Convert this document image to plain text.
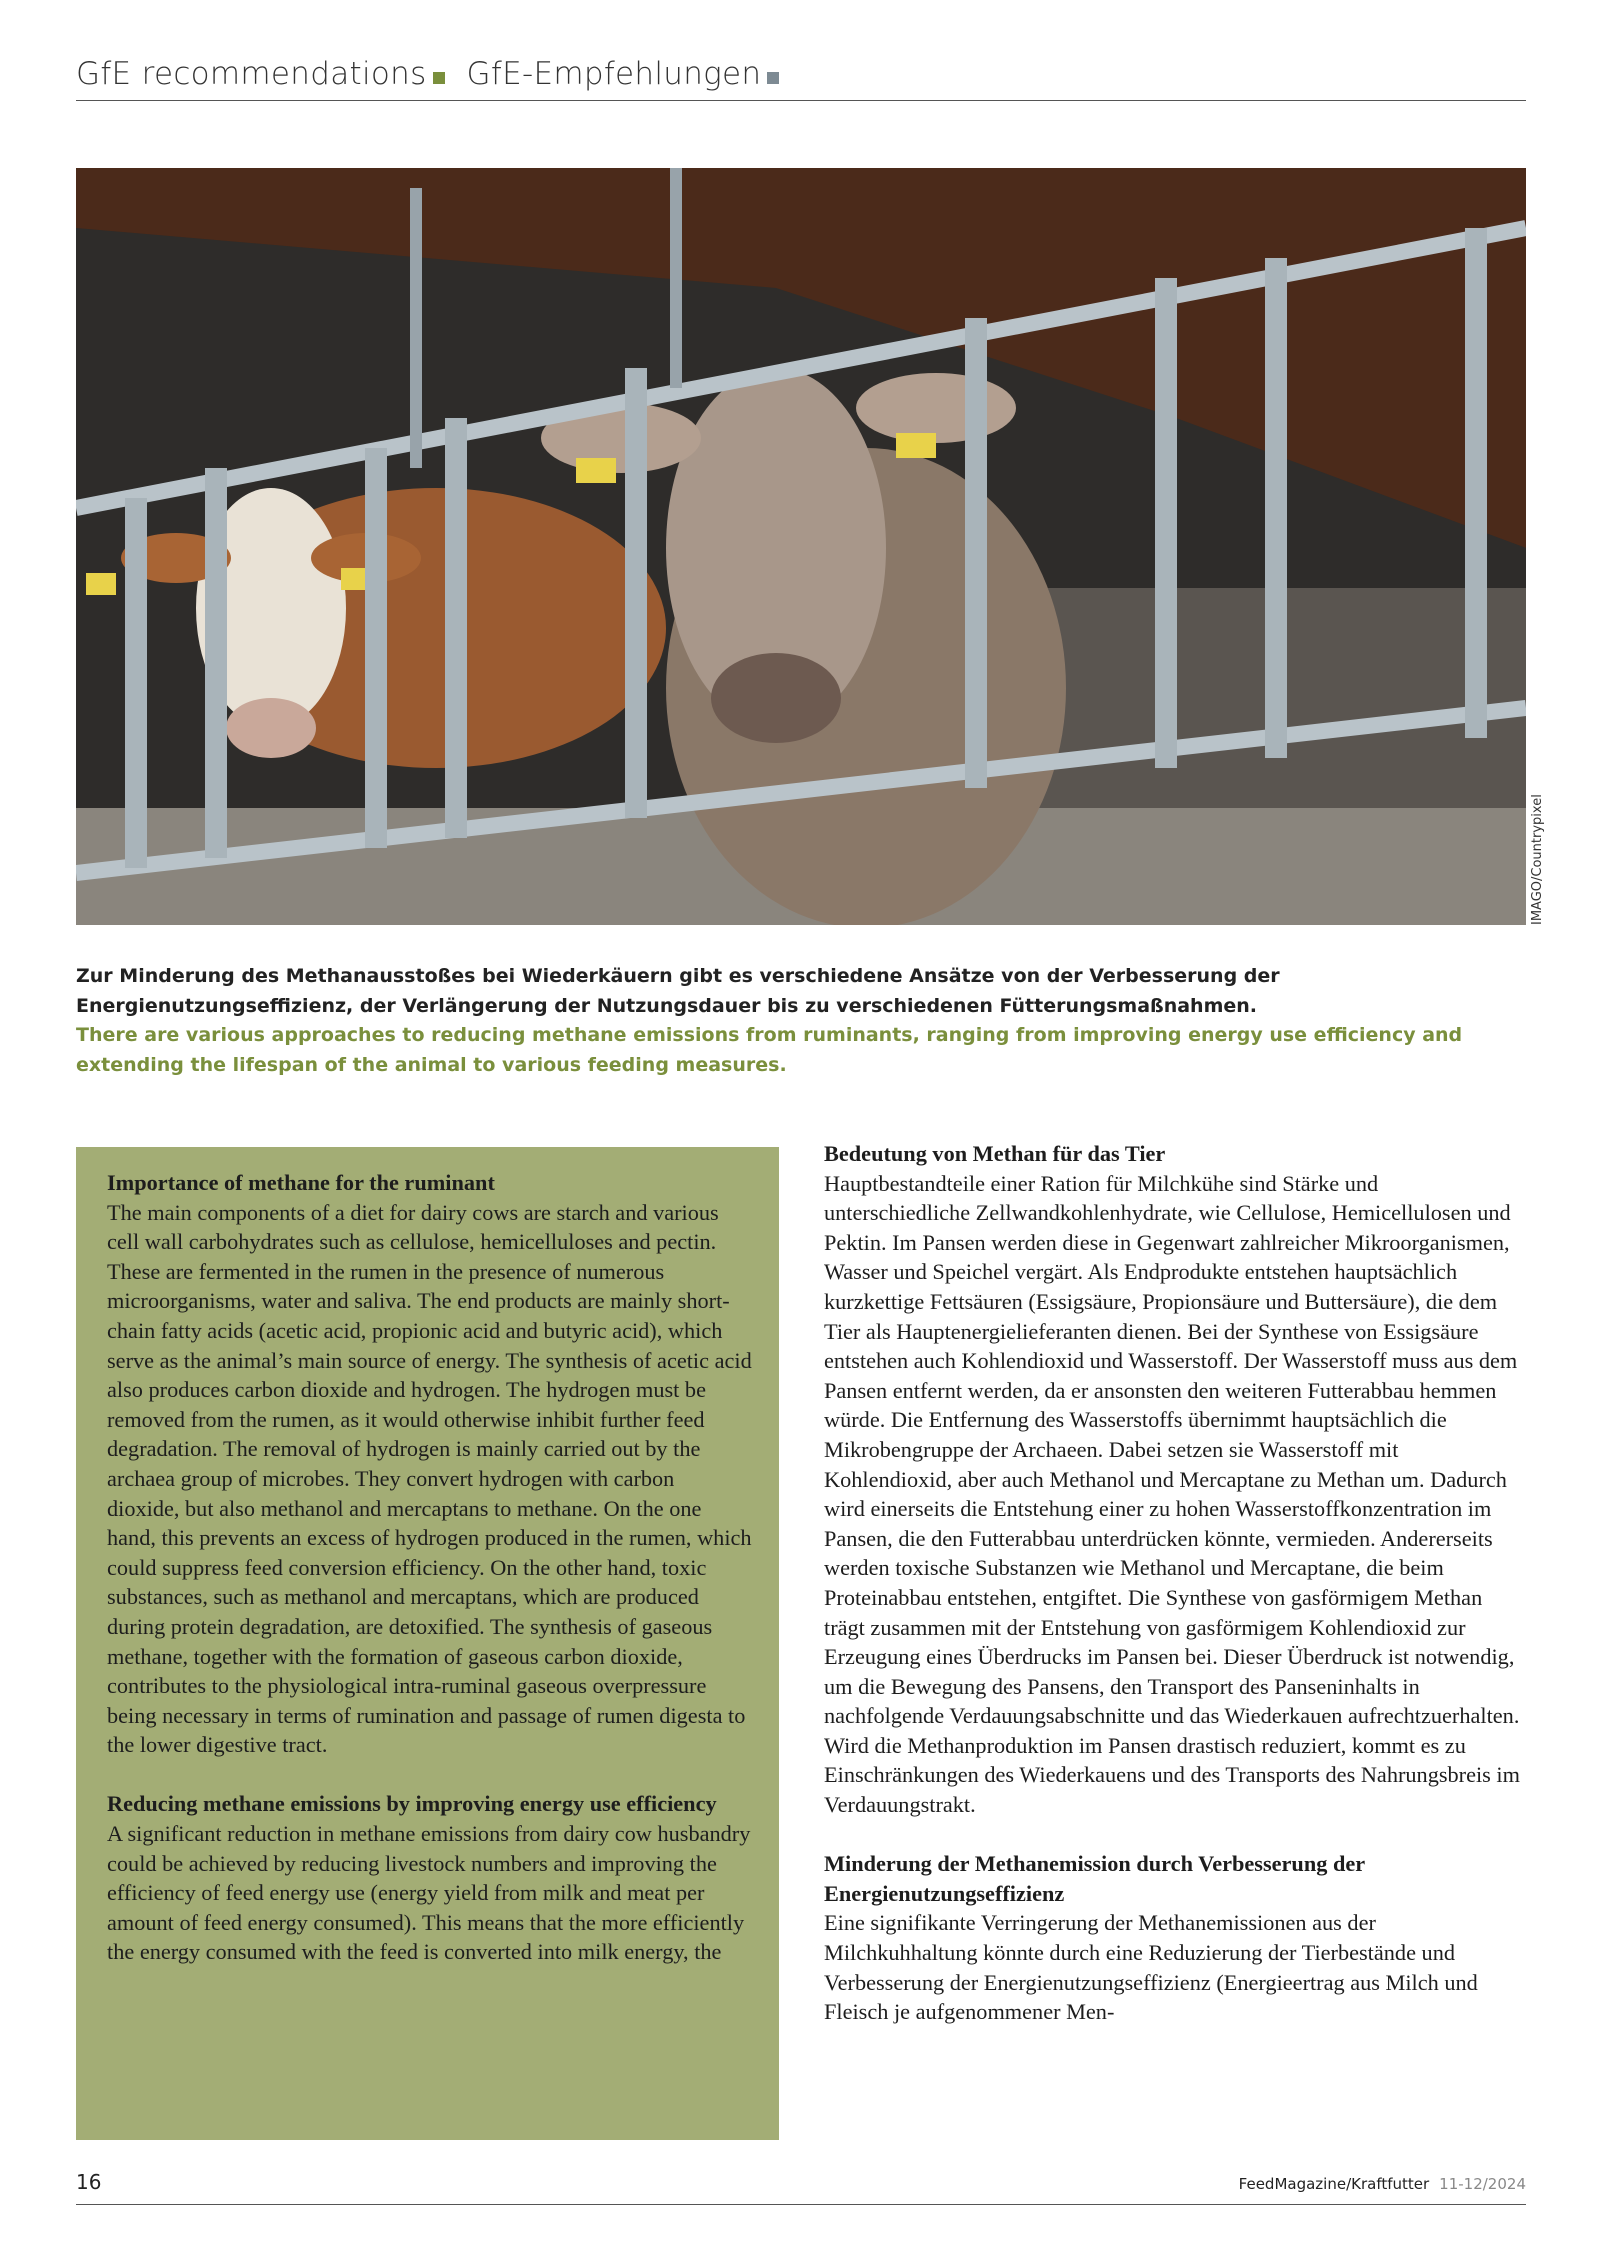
GfE recommendations GfE-Empfehlungen
IMAGO/Countrypixel
Zur Minderung des Methanausstoßes bei Wiederkäuern gibt es verschiedene Ansätze von der Verbesserung der Energienutzungseffizienz, der Verlängerung der Nutzungsdauer bis zu verschiedenen Fütterungsmaßnahmen.
There are various approaches to reducing methane emissions from ruminants, ranging from improving energy use efficiency and extending the lifespan of the animal to various feeding measures.
Importance of methane for the ruminant

The main components of a diet for dairy cows are starch and various cell wall carbohydrates such as cellulose, hemicelluloses and pectin. These are fermented in the rumen in the presence of numerous microorganisms, water and saliva. The end products are mainly short-chain fatty acids (acetic acid, propionic acid and butyric acid), which serve as the animal’s main source of energy. The synthesis of acetic acid also produces carbon dioxide and hydrogen. The hydrogen must be removed from the rumen, as it would otherwise inhibit further feed degradation. The removal of hydrogen is mainly carried out by the archaea group of microbes. They convert hydrogen with carbon dioxide, but also methanol and mercaptans to methane. On the one hand, this prevents an excess of hydrogen produced in the rumen, which could suppress feed conversion efficiency. On the other hand, toxic substances, such as methanol and mercaptans, which are produced during protein degradation, are detoxified. The synthesis of gaseous methane, together with the formation of gaseous carbon dioxide, contributes to the physiological intra-ruminal gaseous overpressure being necessary in terms of rumination and passage of rumen digesta to the lower digestive tract.

Reducing methane emissions by improving energy use efficiency

A significant reduction in methane emissions from dairy cow husbandry could be achieved by reducing livestock numbers and improving the efficiency of feed energy use (energy yield from milk and meat per amount of feed energy consumed). This means that the more efficiently the energy consumed with the feed is converted into milk energy, the

Bedeutung von Methan für das Tier

Hauptbestandteile einer Ration für Milchkühe sind Stärke und unterschiedliche Zellwandkohlenhydrate, wie Cellulose, Hemicellulosen und Pektin. Im Pansen werden diese in Gegenwart zahlreicher Mikroorganismen, Wasser und Speichel vergärt. Als Endprodukte entstehen hauptsächlich kurzkettige Fettsäuren (Essigsäure, Propionsäure und Buttersäure), die dem Tier als Hauptenergielieferanten dienen. Bei der Synthese von Essigsäure entstehen auch Kohlendioxid und Wasserstoff. Der Wasserstoff muss aus dem Pansen entfernt werden, da er ansonsten den weiteren Futterabbau hemmen würde. Die Entfernung des Wasserstoffs übernimmt hauptsächlich die Mikrobengruppe der Archaeen. Dabei setzen sie Wasserstoff mit Kohlendioxid, aber auch Methanol und Mercaptane zu Methan um. Dadurch wird einerseits die Entstehung einer zu hohen Wasserstoffkonzentration im Pansen, die den Futterabbau unterdrücken könnte, vermieden. Andererseits werden toxische Substanzen wie Methanol und Mercaptane, die beim Proteinabbau entstehen, entgiftet. Die Synthese von gasförmigem Methan trägt zusammen mit der Entstehung von gasförmigem Kohlendioxid zur Erzeugung eines Überdrucks im Pansen bei. Dieser Überdruck ist notwendig, um die Bewegung des Pansens, den Transport des Panseninhalts in nachfolgende Verdauungsabschnitte und das Wiederkauen aufrechtzuerhalten. Wird die Methanproduktion im Pansen drastisch reduziert, kommt es zu Einschränkungen des Wiederkauens und des Transports des Nahrungsbreis im Verdauungstrakt.

Minderung der Methanemission durch Verbesserung der Energienutzungseffizienz

Eine signifikante Verringerung der Methanemissionen aus der Milchkuhhaltung könnte durch eine Reduzierung der Tierbestände und Verbesserung der Energienutzungseffizienz (Energieertrag aus Milch und Fleisch je aufgenommener Men-

16	FeedMagazine/Kraftfutter 11-12/2024
